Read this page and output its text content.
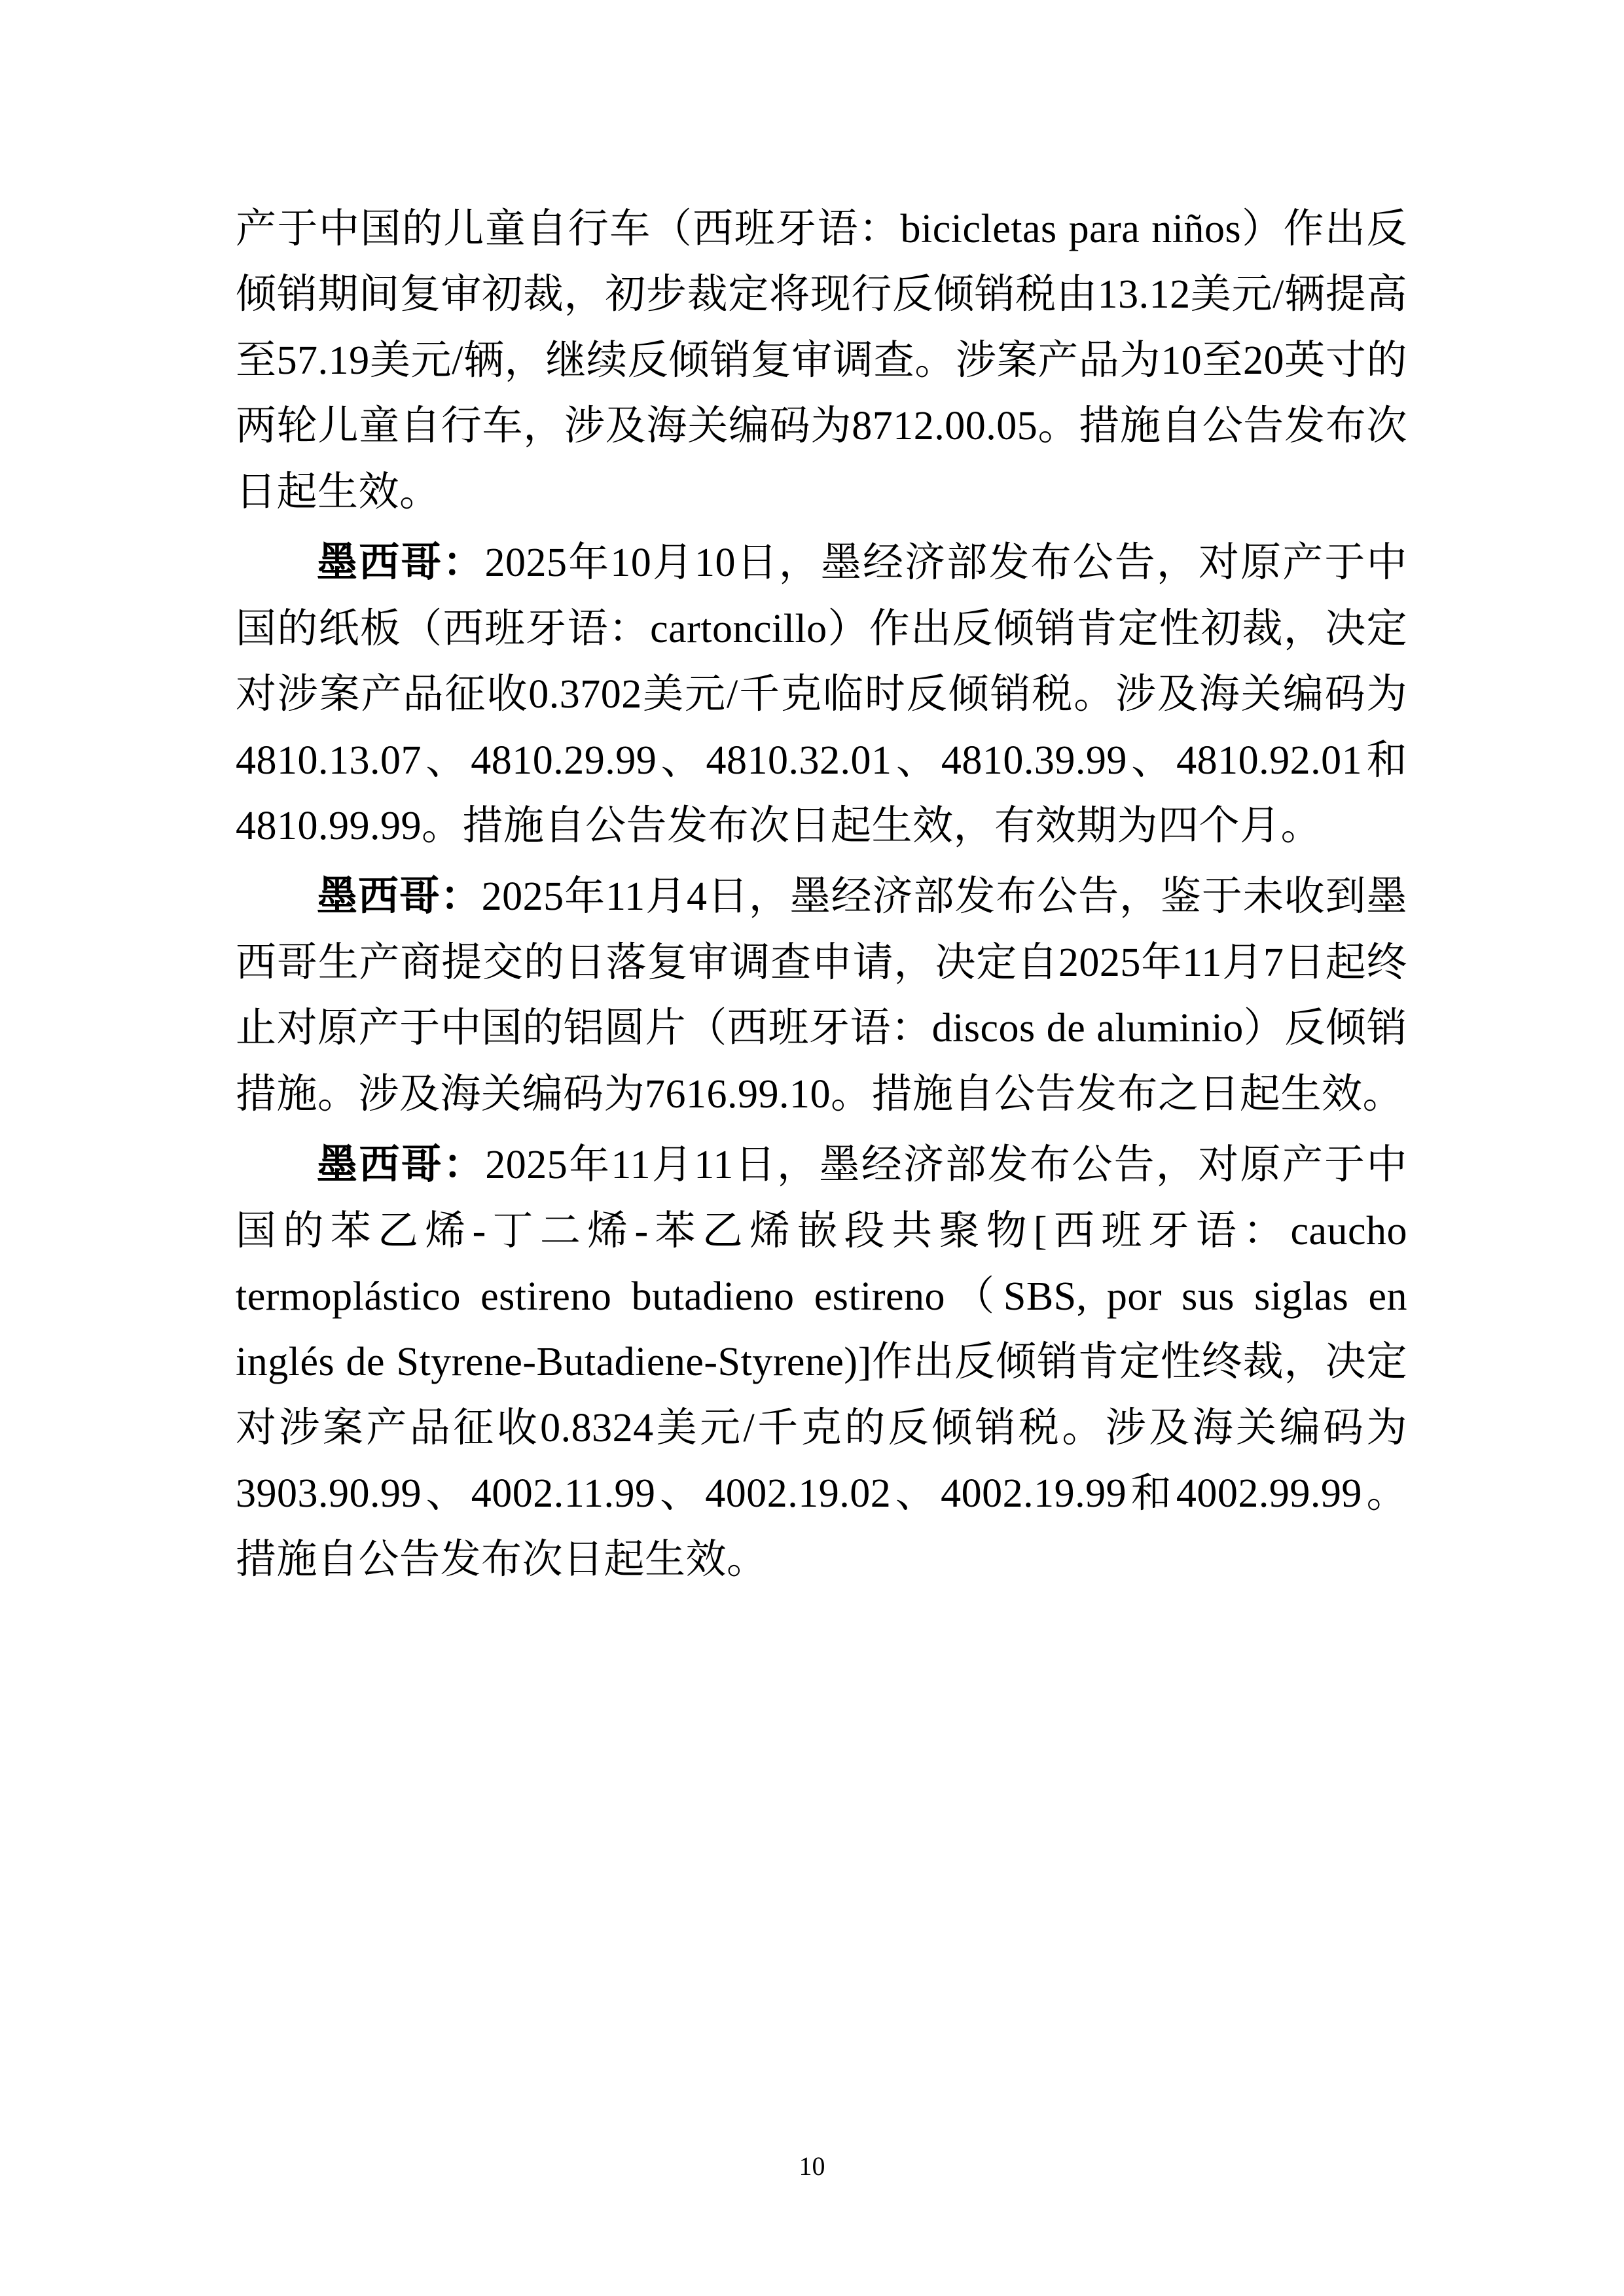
产于中国的儿童自行车（西班牙语：bicicletas para niños）作出反倾销期间复审初裁，初步裁定将现行反倾销税由13.12美元/辆提高至57.19美元/辆，继续反倾销复审调查。涉案产品为10至20英寸的两轮儿童自行车，涉及海关编码为8712.00.05。措施自公告发布次日起生效。

墨西哥：2025年10月10日，墨经济部发布公告，对原产于中国的纸板（西班牙语：cartoncillo）作出反倾销肯定性初裁，决定对涉案产品征收0.3702美元/千克临时反倾销税。涉及海关编码为4810.13.07、4810.29.99、4810.32.01、4810.39.99、4810.92.01和4810.99.99。措施自公告发布次日起生效，有效期为四个月。

墨西哥：2025年11月4日，墨经济部发布公告，鉴于未收到墨西哥生产商提交的日落复审调查申请，决定自2025年11月7日起终止对原产于中国的铝圆片（西班牙语：discos de aluminio）反倾销措施。涉及海关编码为7616.99.10。措施自公告发布之日起生效。

墨西哥：2025年11月11日，墨经济部发布公告，对原产于中国的苯乙烯-丁二烯-苯乙烯嵌段共聚物[西班牙语：caucho termoplástico estireno butadieno estireno（SBS, por sus siglas en inglés de Styrene-Butadiene-Styrene)]作出反倾销肯定性终裁，决定对涉案产品征收0.8324美元/千克的反倾销税。涉及海关编码为3903.90.99、4002.11.99、4002.19.02、4002.19.99和4002.99.99。措施自公告发布次日起生效。

10
